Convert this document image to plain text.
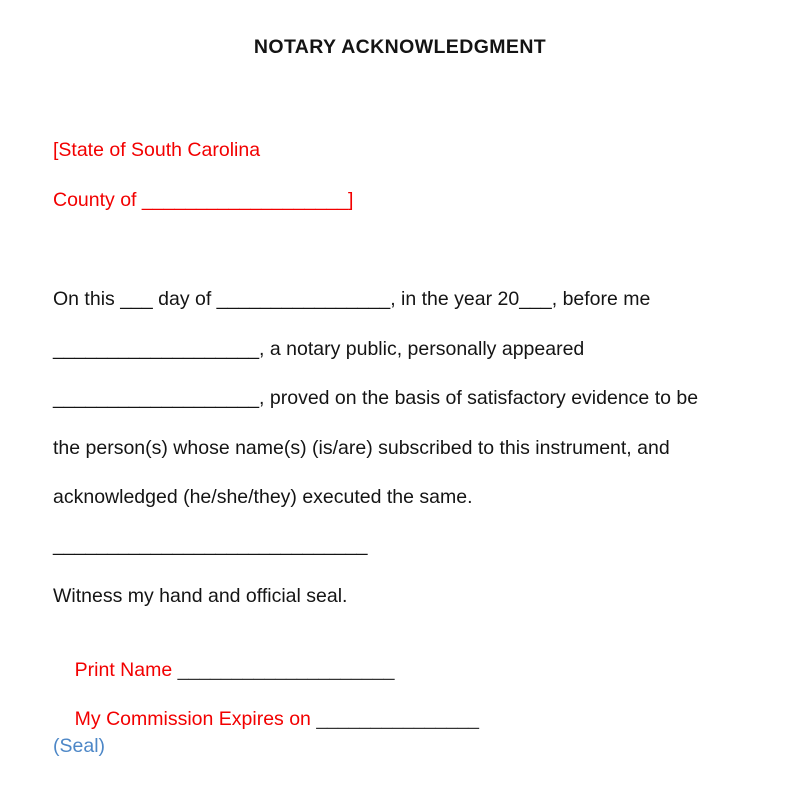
NOTARY ACKNOWLEDGMENT
[State of South Carolina
County of ___________________]
On this ___ day of ________________, in the year 20___, before me
___________________, a notary public, personally appeared
___________________, proved on the basis of satisfactory evidence to be
the person(s) whose name(s) (is/are) subscribed to this instrument, and
acknowledged (he/she/they) executed the same.
_____________________________
Witness my hand and official seal.

Print Name ____________________

My Commission Expires on _______________

(Seal)
